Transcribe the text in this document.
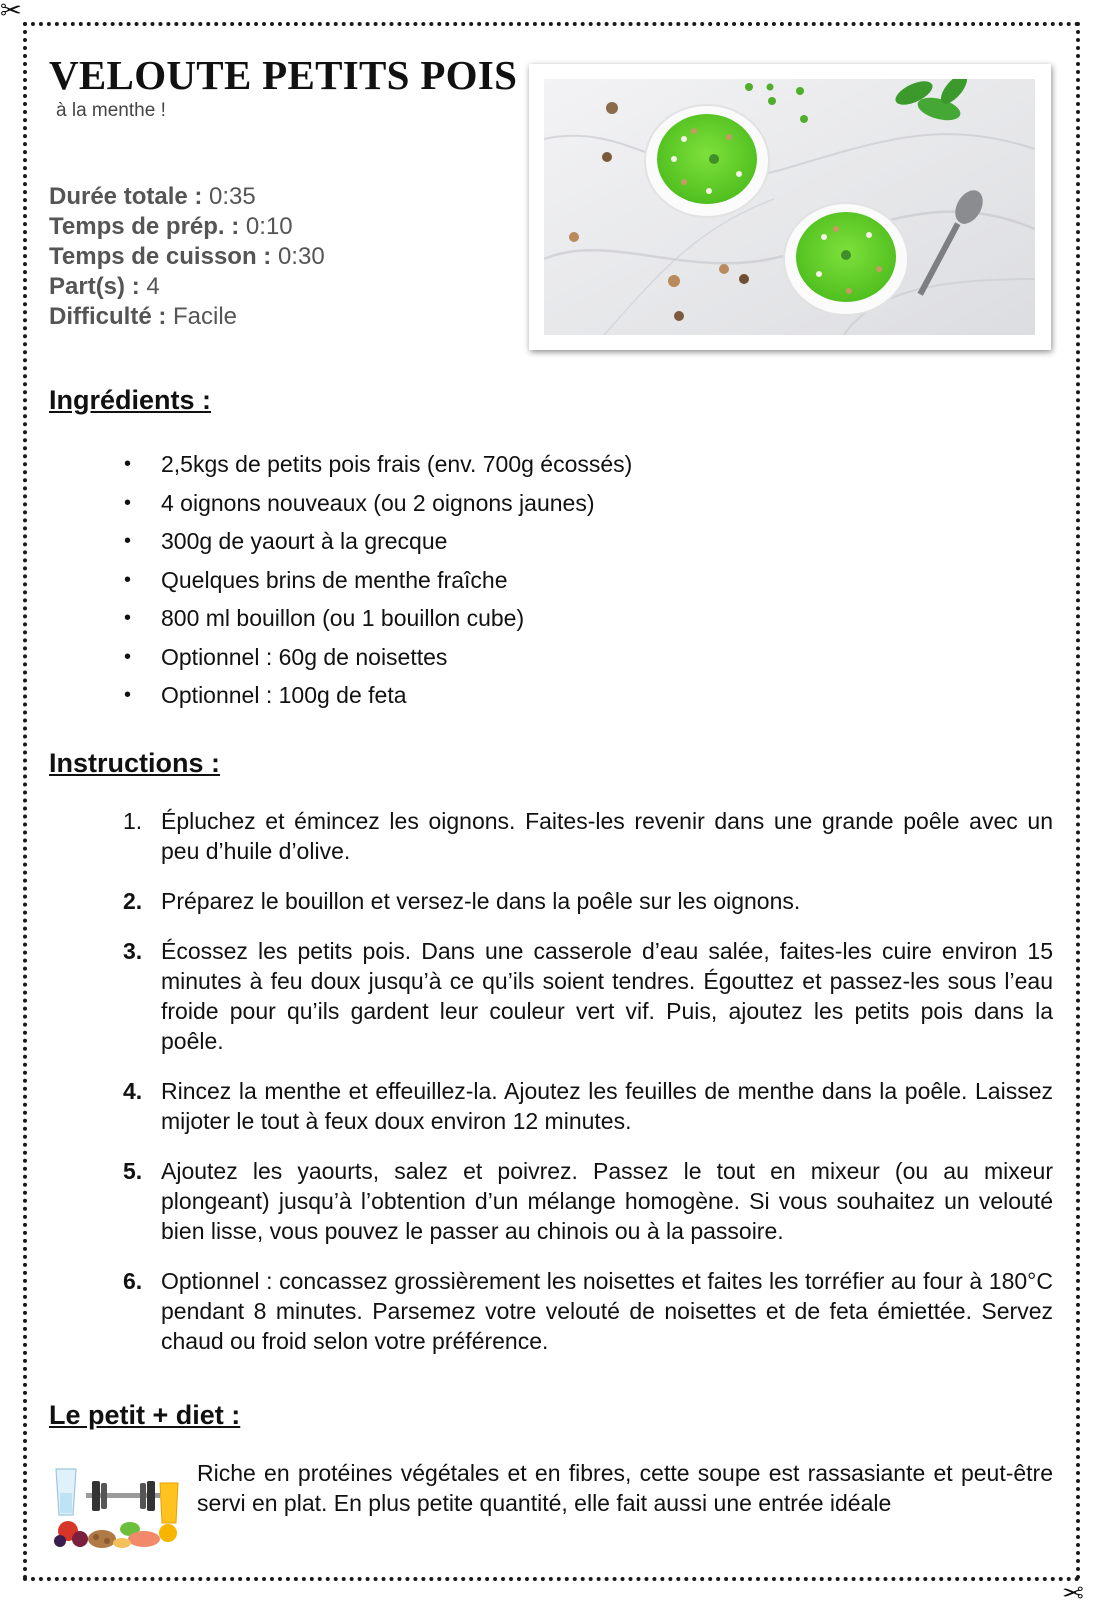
✂
✂
VELOUTE PETITS POIS
à la menthe !
Durée totale : 0:35
Temps de prép. : 0:10
Temps de cuisson : 0:30
Part(s) : 4
Difficulté : Facile
Ingrédients :
• 2,5kgs de petits pois frais (env. 700g écossés)
• 4 oignons nouveaux (ou 2 oignons jaunes)
• 300g de yaourt à la grecque
• Quelques brins de menthe fraîche
• 800 ml bouillon (ou 1 bouillon cube)
• Optionnel : 60g de noisettes
• Optionnel : 100g de feta
Instructions :
1. Épluchez et émincez les oignons. Faites-les revenir dans une grande poêle avec un peu d’huile d’olive.
2. Préparez le bouillon et versez-le dans la poêle sur les oignons.
3. Écossez les petits pois. Dans une casserole d’eau salée, faites-les cuire environ 15 minutes à feu doux jusqu’à ce qu’ils soient tendres. Égouttez et passez-les sous l’eau froide pour qu’ils gardent leur couleur vert vif. Puis, ajoutez les petits pois dans la poêle.
4. Rincez la menthe et effeuillez-la. Ajoutez les feuilles de menthe dans la poêle. Laissez mijoter le tout à feux doux environ 12 minutes.
5. Ajoutez les yaourts, salez et poivrez. Passez le tout en mixeur (ou au mixeur plongeant) jusqu’à l’obtention d’un mélange homogène. Si vous souhaitez un velouté bien lisse, vous pouvez le passer au chinois ou à la passoire.
6. Optionnel : concassez grossièrement les noisettes et faites les torréfier au four à 180°C pendant 8 minutes. Parsemez votre velouté de noisettes et de feta émiettée. Servez chaud ou froid selon votre préférence.
Le petit + diet :

Riche en protéines végétales et en fibres, cette soupe est rassasiante et peut-être servi en plat. En plus petite quantité, elle fait aussi une entrée idéale
